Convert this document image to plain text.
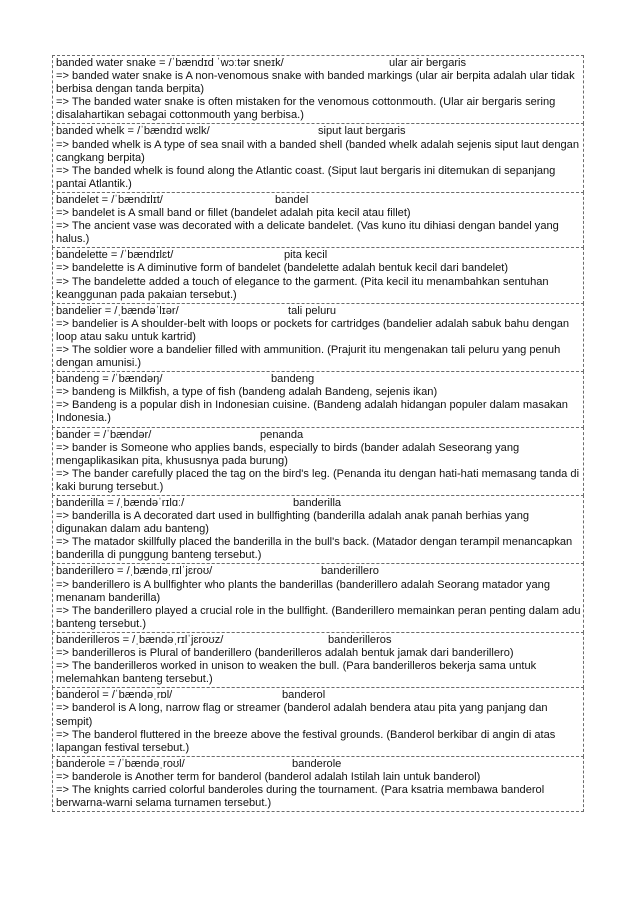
banded water snake = /ˈbændɪd ˈwɔːtər sneɪk/	ular air bergaris
=> banded water snake is A non-venomous snake with banded markings (ular air berpita adalah ular tidak berbisa dengan tanda berpita)
=> The banded water snake is often mistaken for the venomous cottonmouth. (Ular air bergaris sering disalahartikan sebagai cottonmouth yang berbisa.)
banded whelk = /ˈbændɪd wɛlk/	siput laut bergaris
=> banded whelk is A type of sea snail with a banded shell (banded whelk adalah sejenis siput laut dengan cangkang berpita)
=> The banded whelk is found along the Atlantic coast. (Siput laut bergaris ini ditemukan di sepanjang pantai Atlantik.)
bandelet = /ˈbændɪlɪt/	bandel
=> bandelet is A small band or fillet (bandelet adalah pita kecil atau fillet)
=> The ancient vase was decorated with a delicate bandelet. (Vas kuno itu dihiasi dengan bandel yang halus.)
bandelette = /ˈbændɪlɛt/	pita kecil
=> bandelette is A diminutive form of bandelet (bandelette adalah bentuk kecil dari bandelet)
=> The bandelette added a touch of elegance to the garment. (Pita kecil itu menambahkan sentuhan keanggunan pada pakaian tersebut.)
bandelier = /ˌbændəˈlɪər/	tali peluru
=> bandelier is A shoulder-belt with loops or pockets for cartridges (bandelier adalah sabuk bahu dengan loop atau saku untuk kartrid)
=> The soldier wore a bandelier filled with ammunition. (Prajurit itu mengenakan tali peluru yang penuh dengan amunisi.)
bandeng = /ˈbændəŋ/	bandeng
=> bandeng is Milkfish, a type of fish (bandeng adalah Bandeng, sejenis ikan)
=> Bandeng is a popular dish in Indonesian cuisine. (Bandeng adalah hidangan populer dalam masakan Indonesia.)
bander = /ˈbændər/	penanda
=> bander is Someone who applies bands, especially to birds (bander adalah Seseorang yang mengaplikasikan pita, khususnya pada burung)
=> The bander carefully placed the tag on the bird's leg. (Penanda itu dengan hati-hati memasang tanda di kaki burung tersebut.)
banderilla = /ˌbændəˈrɪlɑː/	banderilla
=> banderilla is A decorated dart used in bullfighting (banderilla adalah anak panah berhias yang digunakan dalam adu banteng)
=> The matador skillfully placed the banderilla in the bull's back. (Matador dengan terampil menancapkan banderilla di punggung banteng tersebut.)
banderillero = /ˌbændəˌrɪlˈjɛroʊ/	banderillero
=> banderillero is A bullfighter who plants the banderillas (banderillero adalah Seorang matador yang menanam banderilla)
=> The banderillero played a crucial role in the bullfight. (Banderillero memainkan peran penting dalam adu banteng tersebut.)
banderilleros = /ˌbændəˌrɪlˈjɛroʊz/	banderilleros
=> banderilleros is Plural of banderillero (banderilleros adalah bentuk jamak dari banderillero)
=> The banderilleros worked in unison to weaken the bull. (Para banderilleros bekerja sama untuk melemahkan banteng tersebut.)
banderol = /ˈbændəˌrɒl/	banderol
=> banderol is A long, narrow flag or streamer (banderol adalah bendera atau pita yang panjang dan sempit)
=> The banderol fluttered in the breeze above the festival grounds. (Banderol berkibar di angin di atas lapangan festival tersebut.)
banderole = /ˈbændəˌroʊl/	banderole
=> banderole is Another term for banderol (banderol adalah Istilah lain untuk banderol)
=> The knights carried colorful banderoles during the tournament. (Para ksatria membawa banderol berwarna-warni selama turnamen tersebut.)
